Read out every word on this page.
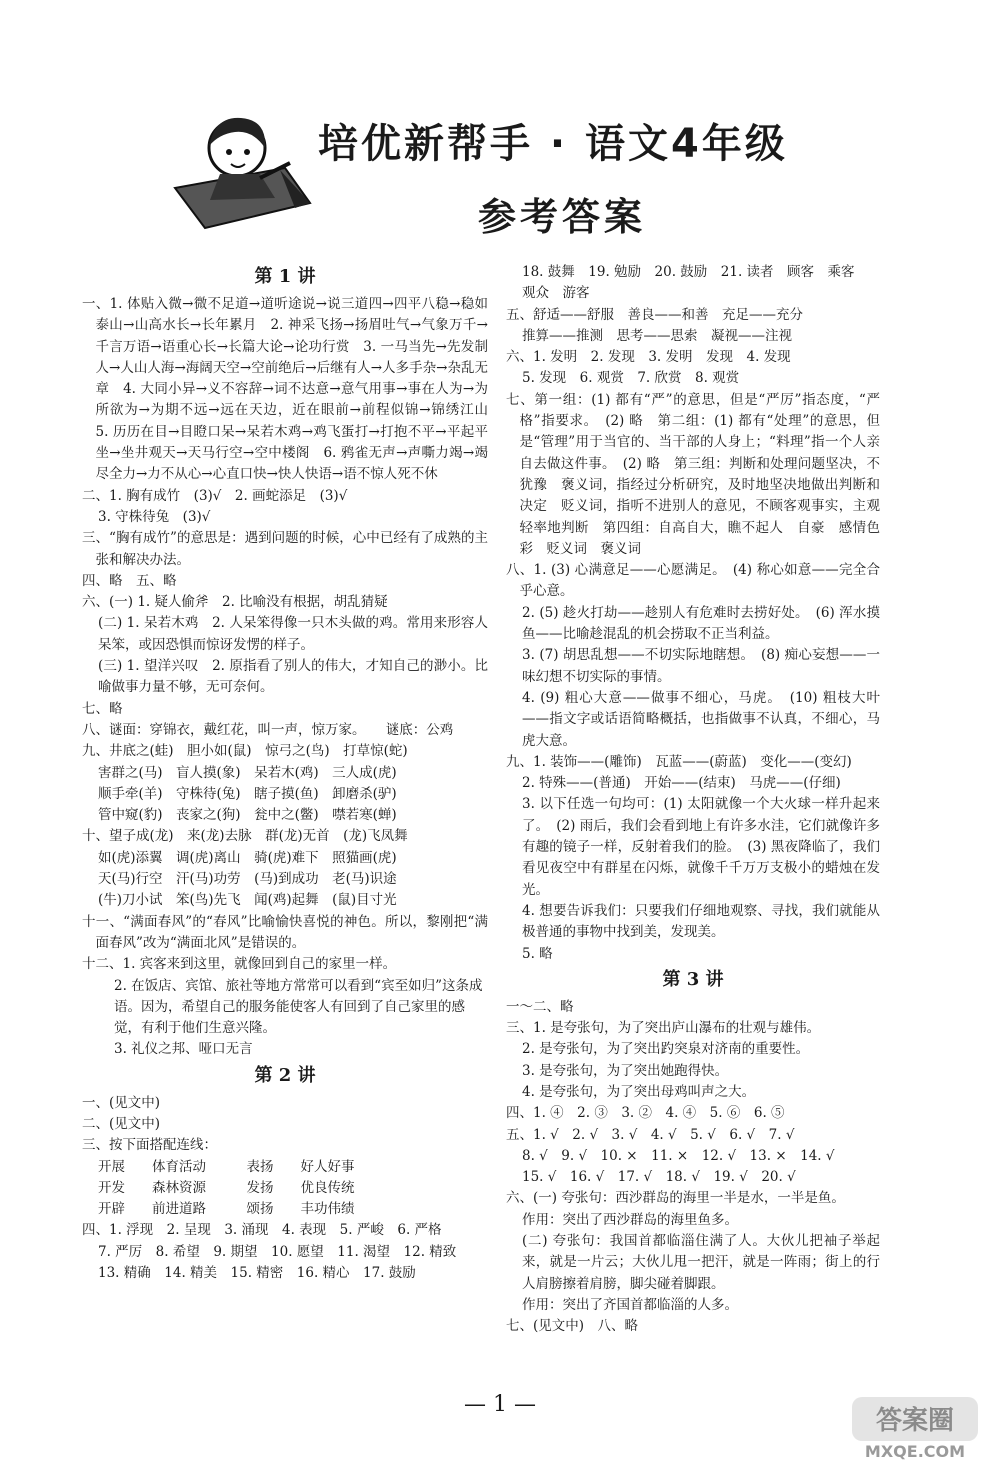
培优新帮手 · 语文4年级
参考答案
第 1 讲
一、1. 体贴入微→微不足道→道听途说→说三道四→四平八稳→稳如泰山→山高水长→长年累月　2. 神采飞扬→扬眉吐气→气象万千→千言万语→语重心长→长篇大论→论功行赏　3. 一马当先→先发制人→人山人海→海阔天空→空前绝后→后继有人→人多手杂→杂乱无章　4. 大同小异→义不容辞→词不达意→意气用事→事在人为→为所欲为→为期不远→远在天边，近在眼前→前程似锦→锦绣江山　5. 历历在目→目瞪口呆→呆若木鸡→鸡飞蛋打→打抱不平→平起平坐→坐井观天→天马行空→空中楼阁　6. 鸦雀无声→声嘶力竭→竭尽全力→力不从心→心直口快→快人快语→语不惊人死不休
二、1. 胸有成竹　(3)√　2. 画蛇添足　(3)√
3. 守株待兔　(3)√
三、“胸有成竹”的意思是：遇到问题的时候，心中已经有了成熟的主张和解决办法。
四、略　五、略
六、(一) 1. 疑人偷斧　2. 比喻没有根据，胡乱猜疑
(二) 1. 呆若木鸡　2. 人呆笨得像一只木头做的鸡。常用来形容人呆笨，或因恐惧而惊讶发愣的样子。
(三) 1. 望洋兴叹　2. 原指看了别人的伟大，才知自己的渺小。比喻做事力量不够，无可奈何。
七、略
八、谜面：穿锦衣，戴红花，叫一声，惊万家。　　谜底：公鸡
九、井底之(蛙)　胆小如(鼠)　惊弓之(鸟)　打草惊(蛇)
害群之(马)　盲人摸(象)　呆若木(鸡)　三人成(虎)
顺手牵(羊)　守株待(兔)　瞎子摸(鱼)　卸磨杀(驴)
管中窥(豹)　丧家之(狗)　瓮中之(鳖)　噤若寒(蝉)
十、望子成(龙)　来(龙)去脉　群(龙)无首　(龙)飞凤舞
如(虎)添翼　调(虎)离山　骑(虎)难下　照猫画(虎)
天(马)行空　汗(马)功劳　(马)到成功　老(马)识途
(牛)刀小试　笨(鸟)先飞　闻(鸡)起舞　(鼠)目寸光
十一、“满面春风”的“春风”比喻愉快喜悦的神色。所以，黎刚把“满面春风”改为“满面北风”是错误的。
十二、1. 宾客来到这里，就像回到自己的家里一样。
2. 在饭店、宾馆、旅社等地方常常可以看到“宾至如归”这条成语。因为，希望自己的服务能使客人有回到了自己家里的感觉，有利于他们生意兴隆。
3. 礼仪之邦、哑口无言
第 2 讲
一、(见文中)
二、(见文中)
三、按下面搭配连线：
开展　　体育活动　　　表扬　　好人好事
开发　　森林资源　　　发扬　　优良传统
开辟　　前进道路　　　颂扬　　丰功伟绩
四、1. 浮现　2. 呈现　3. 涌现　4. 表现　5. 严峻　6. 严格
7. 严厉　8. 希望　9. 期望　10. 愿望　11. 渴望　12. 精致
13. 精确　14. 精美　15. 精密　16. 精心　17. 鼓励
18. 鼓舞　19. 勉励　20. 鼓励　21. 读者　顾客　乘客
观众　游客
五、舒适——舒服　善良——和善　充足——充分
推算——推测　思考——思索　凝视——注视
六、1. 发明　2. 发现　3. 发明　发现　4. 发现
5. 发现　6. 观赏　7. 欣赏　8. 观赏
七、第一组：(1) 都有“严”的意思，但是“严厉”指态度，“严格”指要求。　(2) 略　第二组：(1) 都有“处理”的意思，但是“管理”用于当官的、当干部的人身上；“料理”指一个人亲自去做这件事。　(2) 略　第三组：判断和处理问题坚决，不犹豫　褒义词，指经过分析研究，及时地坚决地做出判断和决定　贬义词，指听不进别人的意见，不顾客观事实，主观轻率地判断　第四组：自高自大，瞧不起人　自豪　感情色彩　贬义词　褒义词
八、1. (3) 心满意足——心愿满足。　(4) 称心如意——完全合乎心意。
2. (5) 趁火打劫——趁别人有危难时去捞好处。　(6) 浑水摸鱼——比喻趁混乱的机会捞取不正当利益。
3. (7) 胡思乱想——不切实际地瞎想。　(8) 痴心妄想——一味幻想不切实际的事情。
4. (9) 粗心大意——做事不细心，马虎。　(10) 粗枝大叶——指文字或话语简略概括，也指做事不认真，不细心，马虎大意。
九、1. 装饰——(雕饰)　瓦蓝——(蔚蓝)　变化——(变幻)
2. 特殊——(普通)　开始——(结束)　马虎——(仔细)
3. 以下任选一句均可：(1) 太阳就像一个大火球一样升起来了。　(2) 雨后，我们会看到地上有许多水洼，它们就像许多有趣的镜子一样，反射着我们的脸。　(3) 黑夜降临了，我们看见夜空中有群星在闪烁，就像千千万万支极小的蜡烛在发光。
4. 想要告诉我们：只要我们仔细地观察、寻找，我们就能从极普通的事物中找到美，发现美。
5. 略
第 3 讲
一～二、略
三、1. 是夸张句，为了突出庐山瀑布的壮观与雄伟。
2. 是夸张句，为了突出趵突泉对济南的重要性。
3. 是夸张句，为了突出她跑得快。
4. 是夸张句，为了突出母鸡叫声之大。
四、1. ④　2. ③　3. ②　4. ④　5. ⑥　6. ⑤
五、1. √　2. √　3. √　4. √　5. √　6. √　7. √
8. √　9. √　10. ×　11. ×　12. √　13. ×　14. √
15. √　16. √　17. √　18. √　19. √　20. √
六、(一) 夸张句：西沙群岛的海里一半是水，一半是鱼。
作用：突出了西沙群岛的海里鱼多。
(二) 夸张句：我国首都临淄住满了人。大伙儿把袖子举起来，就是一片云；大伙儿甩一把汗，就是一阵雨；街上的行人肩膀擦着肩膀，脚尖碰着脚跟。
作用：突出了齐国首都临淄的人多。
七、(见文中)　八、略
— 1 —
答案圈
MXQE.COM
